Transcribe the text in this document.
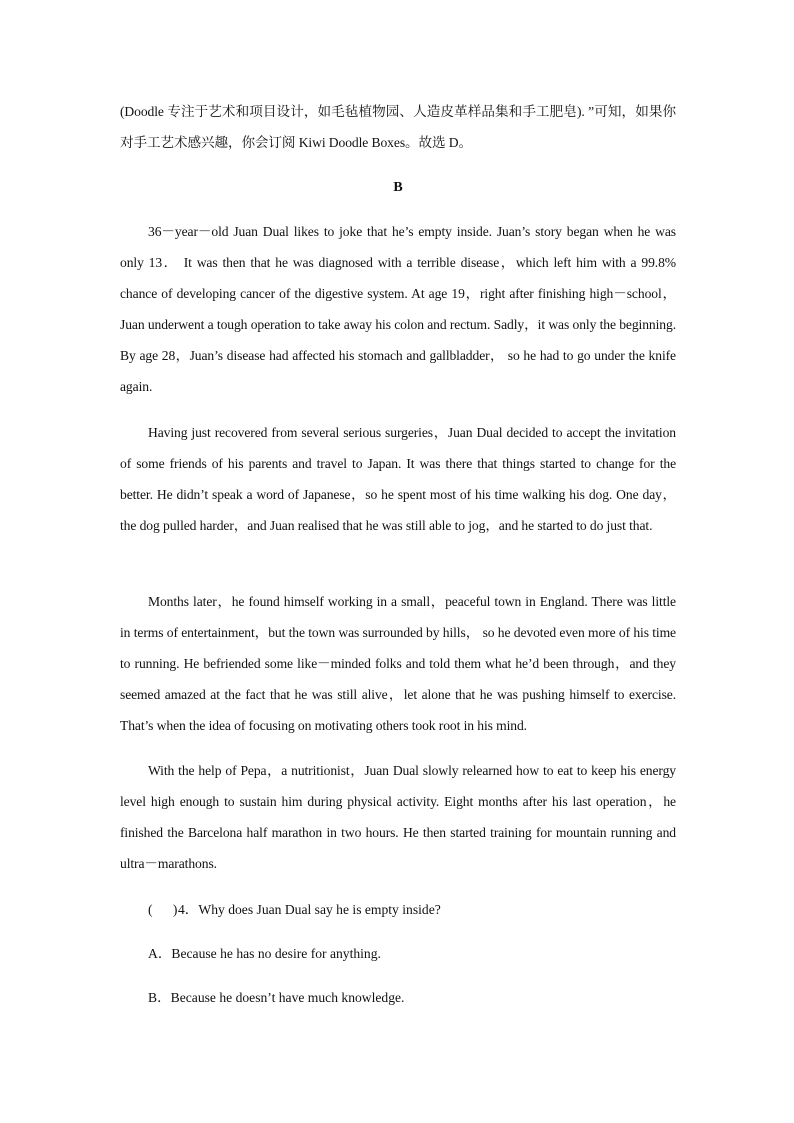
(Doodle 专注于艺术和项目设计，如毛毡植物园、人造皮革样品集和手工肥皂). ”可知，如果你对手工艺术感兴趣，你会订阅 Kiwi Doodle Boxes。故选 D。
B
36－year－old Juan Dual likes to joke that he’s empty inside. Juan’s story began when he was only 13． It was then that he was diagnosed with a terrible disease，which left him with a 99.8% chance of developing cancer of the digestive system. At age 19，right after finishing high－school，Juan underwent a tough operation to take away his colon and rectum. Sadly，it was only the beginning. By age 28，Juan’s disease had affected his stomach and gallbladder， so he had to go under the knife again.
Having just recovered from several serious surgeries，Juan Dual decided to accept the invitation of some friends of his parents and travel to Japan. It was there that things started to change for the better. He didn’t speak a word of Japanese，so he spent most of his time walking his dog. One day，the dog pulled harder，and Juan realised that he was still able to jog，and he started to do just that.
Months later，he found himself working in a small，peaceful town in England. There was little in terms of entertainment，but the town was surrounded by hills， so he devoted even more of his time to running. He befriended some like－minded folks and told them what he’d been through，and they seemed amazed at the fact that he was still alive，let alone that he was pushing himself to exercise. That’s when the idea of focusing on motivating others took root in his mind.
With the help of Pepa，a nutritionist，Juan Dual slowly relearned how to eat to keep his energy level high enough to sustain him during physical activity. Eight months after his last operation，he finished the Barcelona half marathon in two hours. He then started training for mountain running and ultra－marathons.
( )4．Why does Juan Dual say he is empty inside?
A．Because he has no desire for anything.
B．Because he doesn’t have much knowledge.
